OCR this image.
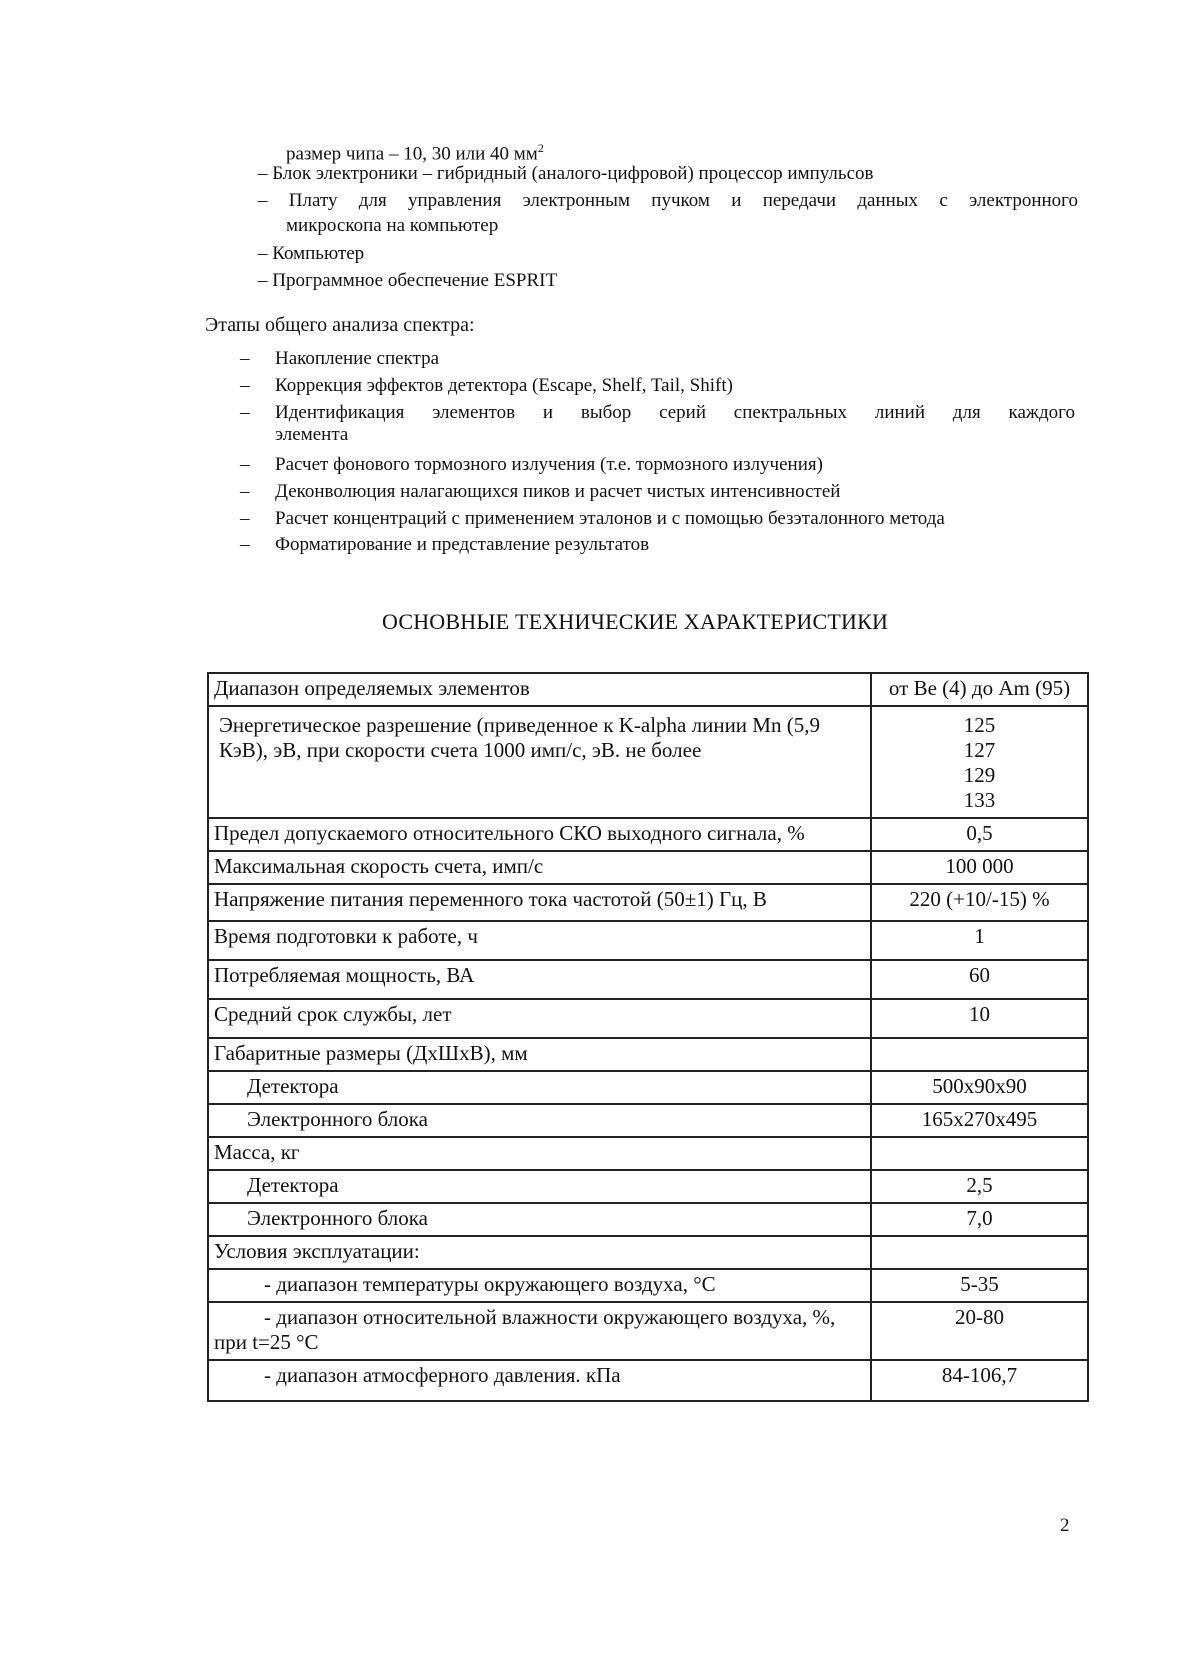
размер чипа – 10, 30 или 40 $мм^2$
– Блок электроники – гибридный (аналого-цифровой) процессор импульсов
– Плату для управления электронным пучком и передачи данных с электронного
микроскопа на компьютер
– Компьютер
– Программное обеспечение ESPRIT
Этапы общего анализа спектра:
– Накопление спектра
– Коррекция эффектов детектора (Escape, Shelf, Tail, Shift)
– Идентификация элементов и выбор серий спектральных линий для каждого
элемента
– Расчет фонового тормозного излучения (т.е. тормозного излучения)
– Деконволюция налагающихся пиков и расчет чистых интенсивностей
– Расчет концентраций с применением эталонов и с помощью безэталонного метода
– Форматирование и представление результатов
ОСНОВНЫЕ ТЕХНИЧЕСКИЕ ХАРАКТЕРИСТИКИ
Диапазон определяемых элементов	от Be (4) до Am (95)
Энергетическое разрешение (приведенное к K-alpha линии Mn (5,9 КэВ), эВ, при скорости счета 1000 имп/с, эВ. не более	125
127
129
133

Предел допускаемого относительного СКО выходного сигнала, %	0,5
Максимальная скорость счета, имп/с	100 000
Напряжение питания переменного тока частотой (50±1) Гц, В	220 (+10/-15) %
Время подготовки к работе, ч	1
Потребляемая мощность, ВА	60
Средний срок службы, лет	10
Габаритные размеры (ДхШхВ), мм	
Детектора	500x90x90
Электронного блока	165x270x495
Масса, кг	
Детектора	2,5
Электронного блока	7,0
Условия эксплуатации:	
- диапазон температуры окружающего воздуха, °С	5-35
- диапазон относительной влажности окружающего воздуха, %, при t=25 °С	20-80
- диапазон атмосферного давления. кПа	84-106,7
2
